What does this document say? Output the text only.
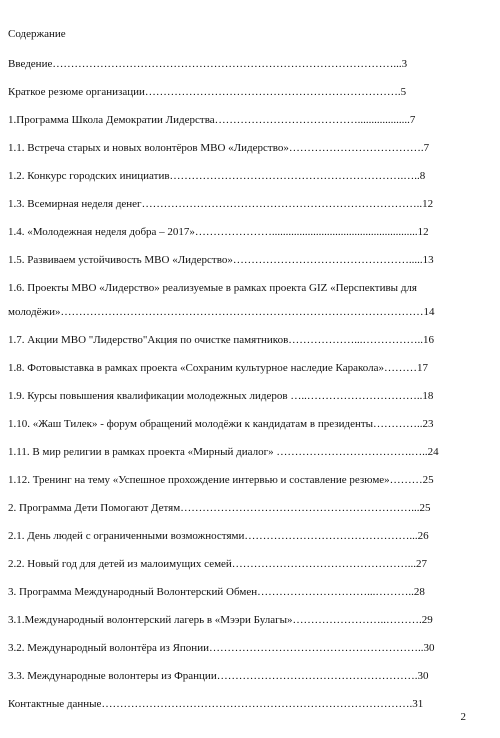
Содержание
Введение…………………………………………………………………………………...3
Краткое резюме организации…………………………………………………………….5
1.Программа Школа Демократии Лидерства…………………………………...................7
1.1. Встреча старых и новых волонтёров МВО «Лидерство»……………………………….7
1.2. Конкурс городских инициатив……………………………………………………….…..8
1.3. Всемирная неделя денег…………………………………………………………………..12
1.4. «Молодежная неделя добра – 2017»………………….....................................................12
1.5. Развиваем устойчивость МВО «Лидерство»………………………………………….....13
1.6. Проекты МВО «Лидерство» реализуемые в рамках проекта GIZ «Перспективы для
молодёжи»………………………………………………………………………………………14
1.7. Акции МВО "Лидерство"Акция по очистке памятников………………...……………..16
1.8. Фотовыставка в рамках проекта «Сохраним культурное наследие Каракола»………17
1.9. Курсы повышения квалификации молодежных лидеров …..…………………………..18
1.10. «Жаш Тилек» - форум обращений молодёжи к кандидатам в президенты…………..23
1.11. В мир религии в рамках проекта «Мирный диалог» ……………………………….…..24
1.12. Тренинг на тему «Успешное прохождение интервью и составление резюме»………25
2. Программа Дети Помогают Детям………………………………………………………...25
2.1. День людей с ограниченными возможностями………………………………………...26
2.2. Новый год для детей из малоимущих семей…………………………………………...27
3. Программа Международный Волонтерский Обмен…………………………...………..28
3.1.Международный волонтерский лагерь в «Мээри Булагы»……………………..……….29
3.2. Международный волонтёра из Японии…………………………………………………..30
3.3. Международные волонтеры из Франции……………………………………………….30
Контактные данные………………………………………………………………………….31
2
